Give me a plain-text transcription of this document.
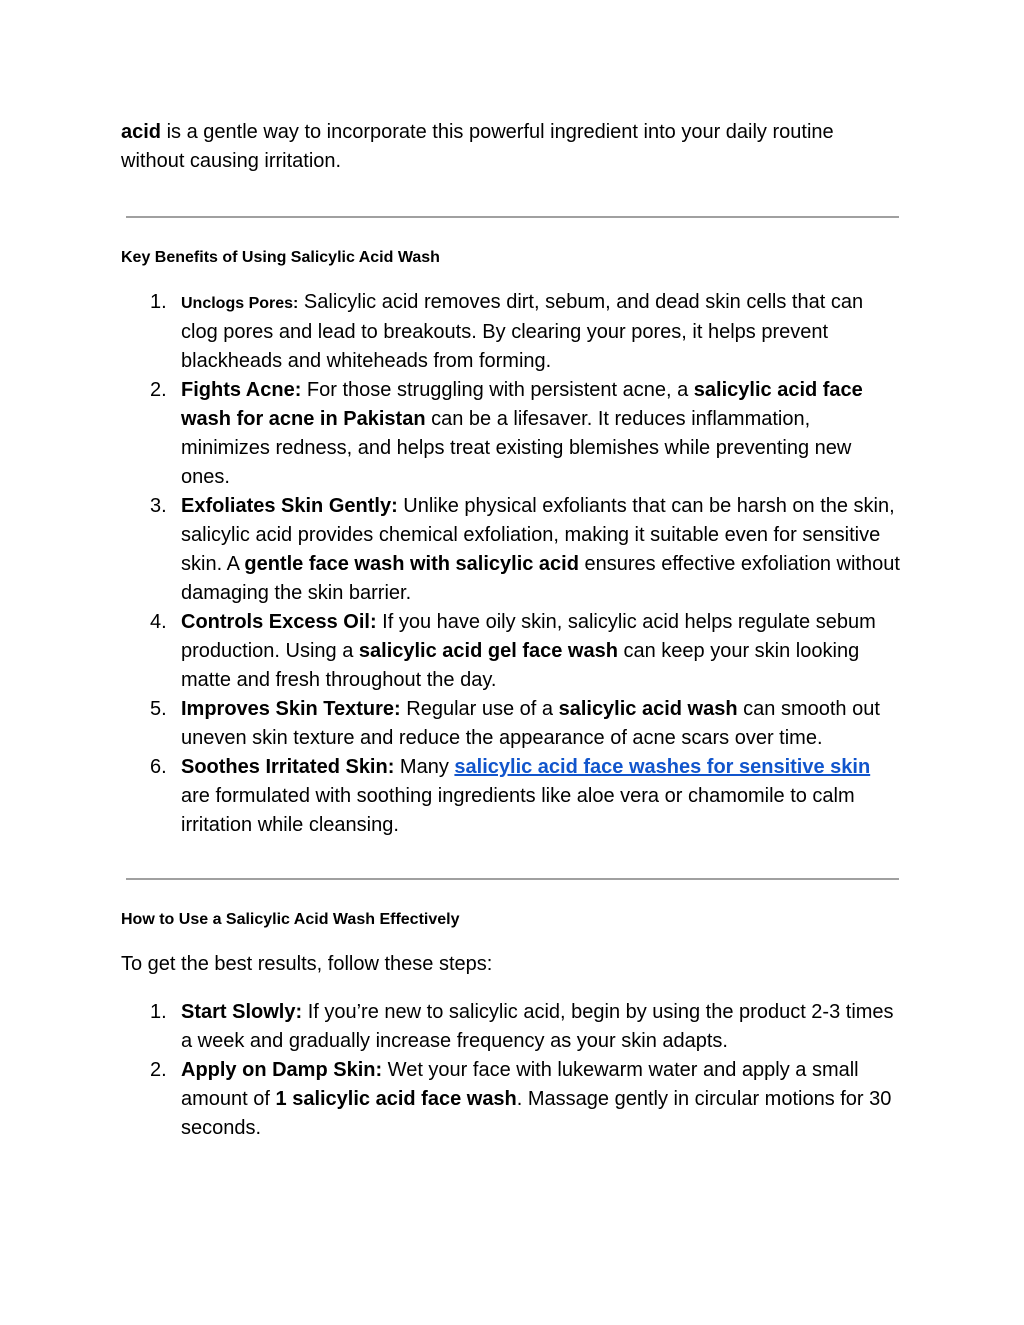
acid is a gentle way to incorporate this powerful ingredient into your daily routine without causing irritation.

Key Benefits of Using Salicylic Acid Wash

1. Unclogs Pores: Salicylic acid removes dirt, sebum, and dead skin cells that can clog pores and lead to breakouts. By clearing your pores, it helps prevent blackheads and whiteheads from forming.
2. Fights Acne: For those struggling with persistent acne, a salicylic acid face wash for acne in Pakistan can be a lifesaver. It reduces inflammation, minimizes redness, and helps treat existing blemishes while preventing new ones.
3. Exfoliates Skin Gently: Unlike physical exfoliants that can be harsh on the skin, salicylic acid provides chemical exfoliation, making it suitable even for sensitive skin. A gentle face wash with salicylic acid ensures effective exfoliation without damaging the skin barrier.
4. Controls Excess Oil: If you have oily skin, salicylic acid helps regulate sebum production. Using a salicylic acid gel face wash can keep your skin looking matte and fresh throughout the day.
5. Improves Skin Texture: Regular use of a salicylic acid wash can smooth out uneven skin texture and reduce the appearance of acne scars over time.
6. Soothes Irritated Skin: Many salicylic acid face washes for sensitive skin are formulated with soothing ingredients like aloe vera or chamomile to calm irritation while cleansing.

How to Use a Salicylic Acid Wash Effectively

To get the best results, follow these steps:

1. Start Slowly: If you’re new to salicylic acid, begin by using the product 2-3 times a week and gradually increase frequency as your skin adapts.
2. Apply on Damp Skin: Wet your face with lukewarm water and apply a small amount of 1 salicylic acid face wash. Massage gently in circular motions for 30 seconds.
